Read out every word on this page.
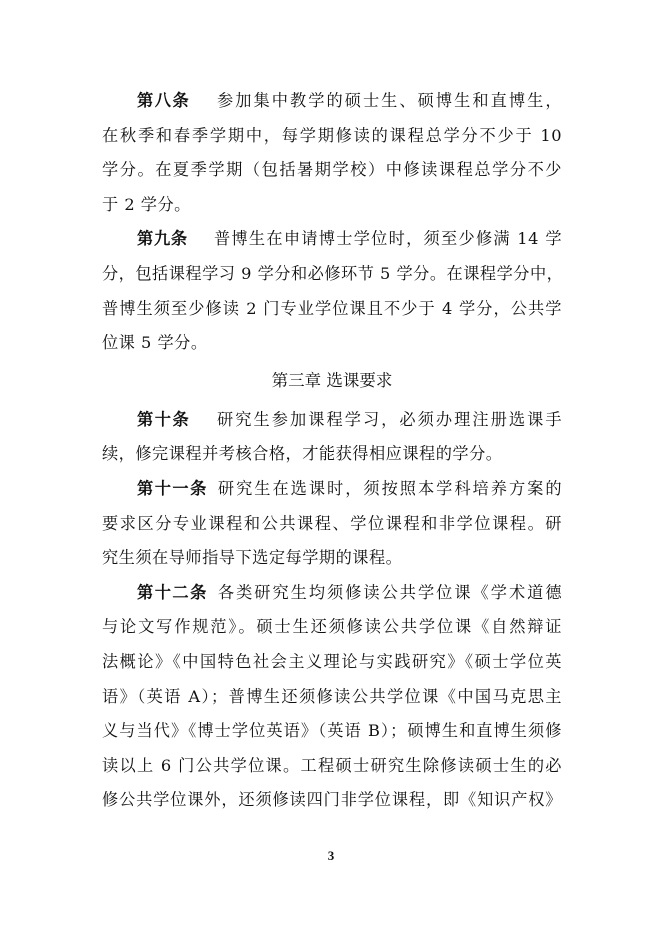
第八条   参加集中教学的硕士生、硕博生和直博生，
在秋季和春季学期中，每学期修读的课程总学分不少于 10
学分。在夏季学期（包括暑期学校）中修读课程总学分不少
于 2 学分。
第九条   普博生在申请博士学位时，须至少修满 14 学
分，包括课程学习 9 学分和必修环节 5 学分。在课程学分中，
普博生须至少修读 2 门专业学位课且不少于 4 学分，公共学
位课 5 学分。
第三章 选课要求
第十条   研究生参加课程学习，必须办理注册选课手
续，修完课程并考核合格，才能获得相应课程的学分。
第十一条  研究生在选课时，须按照本学科培养方案的
要求区分专业课程和公共课程、学位课程和非学位课程。研
究生须在导师指导下选定每学期的课程。
第十二条  各类研究生均须修读公共学位课《学术道德
与论文写作规范》。硕士生还须修读公共学位课《自然辩证
法概论》《中国特色社会主义理论与实践研究》《硕士学位英
语》（英语 A）；普博生还须修读公共学位课《中国马克思主
义与当代》《博士学位英语》（英语 B）；硕博生和直博生须修
读以上 6 门公共学位课。工程硕士研究生除修读硕士生的必
修公共学位课外，还须修读四门非学位课程，即《知识产权》
3
